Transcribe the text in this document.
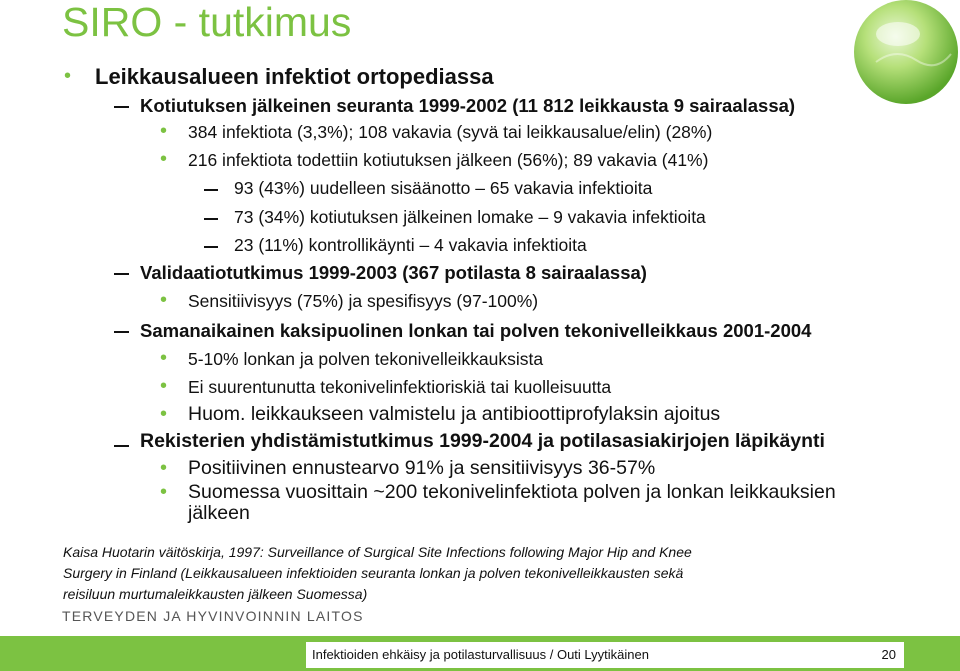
SIRO - tutkimus
• Leikkausalueen infektiot ortopediassa
Kotiutuksen jälkeinen seuranta 1999-2002 (11 812 leikkausta 9 sairaalassa)
• 384 infektiota (3,3%); 108 vakavia (syvä tai leikkausalue/elin) (28%)
• 216 infektiota todettiin kotiutuksen jälkeen (56%); 89 vakavia (41%)
93 (43%) uudelleen sisäänotto – 65 vakavia infektioita
73 (34%) kotiutuksen jälkeinen lomake – 9 vakavia infektioita
23 (11%) kontrollikäynti – 4 vakavia infektioita
Validaatiotutkimus 1999-2003 (367 potilasta 8 sairaalassa)
• Sensitiivisyys (75%) ja spesifisyys (97-100%)
Samanaikainen kaksipuolinen lonkan tai polven tekonivelleikkaus 2001-2004
• 5-10% lonkan ja polven tekonivelleikkauksista
• Ei suurentunutta tekonivelinfektioriskiä tai kuolleisuutta
• Huom. leikkaukseen valmistelu ja antibioottiprofylaksin ajoitus
Rekisterien yhdistämistutkimus 1999-2004 ja potilasasiakirjojen läpikäynti
• Positiivinen ennustearvo 91% ja sensitiivisyys 36-57%
• Suomessa vuosittain ~200 tekonivelinfektiota polven ja lonkan leikkauksien
jälkeen
Kaisa Huotarin väitöskirja, 1997: Surveillance of Surgical Site Infections following Major Hip and Knee
Surgery in Finland (Leikkausalueen infektioiden seuranta lonkan ja polven tekonivelleikkausten sekä
reisiluun murtumaleikkausten jälkeen Suomessa)
TERVEYDEN JA HYVINVOINNIN LAITOS
Infektioiden ehkäisy ja potilasturvallisuus / Outi Lyytikäinen	20
